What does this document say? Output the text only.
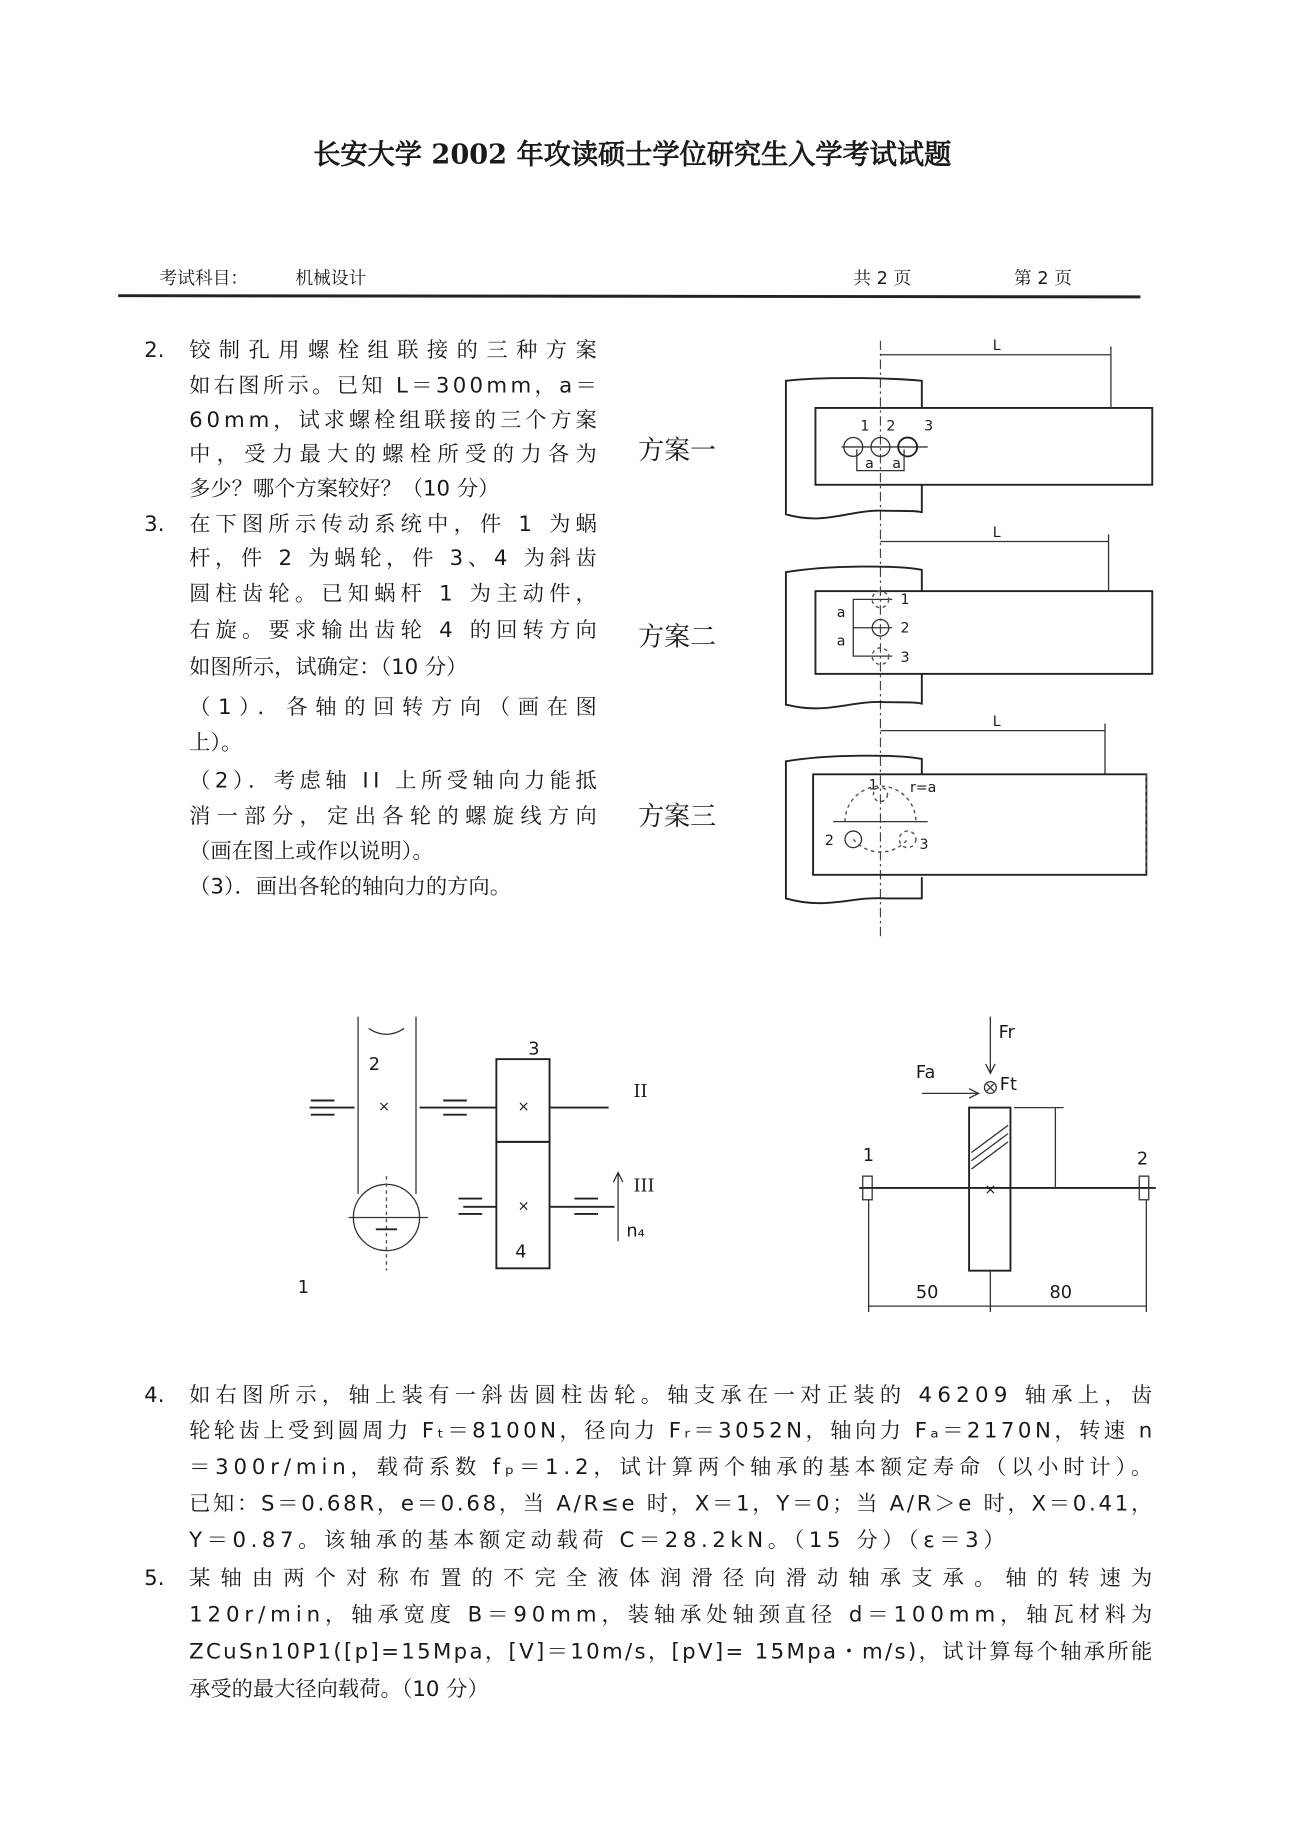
长安大学 2002 年攻读硕士学位研究生入学考试试题
考试科目：	机械设计	共 2 页	第 2 页
2. 铰制孔用螺栓组联接的三种方案
如右图所示。已知 L＝300mm，a＝
60mm，试求螺栓组联接的三个方案
中，受力最大的螺栓所受的力各为
多少？哪个方案较好？（10 分）
3. 在下图所示传动系统中，件 1 为蜗
杆，件 2 为蜗轮，件 3、4 为斜齿
圆柱齿轮。已知蜗杆 1 为主动件，
右旋。要求输出齿轮 4 的回转方向
如图所示，试确定：（10 分）
（1）．各轴的回转方向（画在图
上）。
（2）．考虑轴 II 上所受轴向力能抵
消一部分，定出各轮的螺旋线方向
（画在图上或作以说明）。
（3）．画出各轮的轴向力的方向。
方案一
方案二
方案三
L
1 2 3
a a
L
1
2
3
a
a
L
r=a
1
2	3
2
×
3
×
4
×
1
II
III
n₄
×
Fr
Ft
Fa
1	2
50	80
4. 如右图所示，轴上装有一斜齿圆柱齿轮。轴支承在一对正装的 46209 轴承上，齿
轮轮齿上受到圆周力 Fₜ＝8100N，径向力 Fᵣ＝3052N，轴向力 Fₐ＝2170N，转速 n
＝300r/min，载荷系数 fₚ＝1.2，试计算两个轴承的基本额定寿命（以小时计）。
已知：S＝0.68R，e＝0.68，当 A/R≤e 时，X＝1，Y＝0；当 A/R＞e 时，X＝0.41，
Y＝0.87。该轴承的基本额定动载荷 C＝28.2kN。（15 分）（ε＝3）
5. 某轴由两个对称布置的不完全液体润滑径向滑动轴承支承。轴的转速为
120r/min，轴承宽度 B＝90mm，装轴承处轴颈直径 d＝100mm，轴瓦材料为
ZCuSn10P1([p]=15Mpa，[V]＝10m/s，[pV]= 15Mpa・m/s)，试计算每个轴承所能
承受的最大径向载荷。（10 分）
